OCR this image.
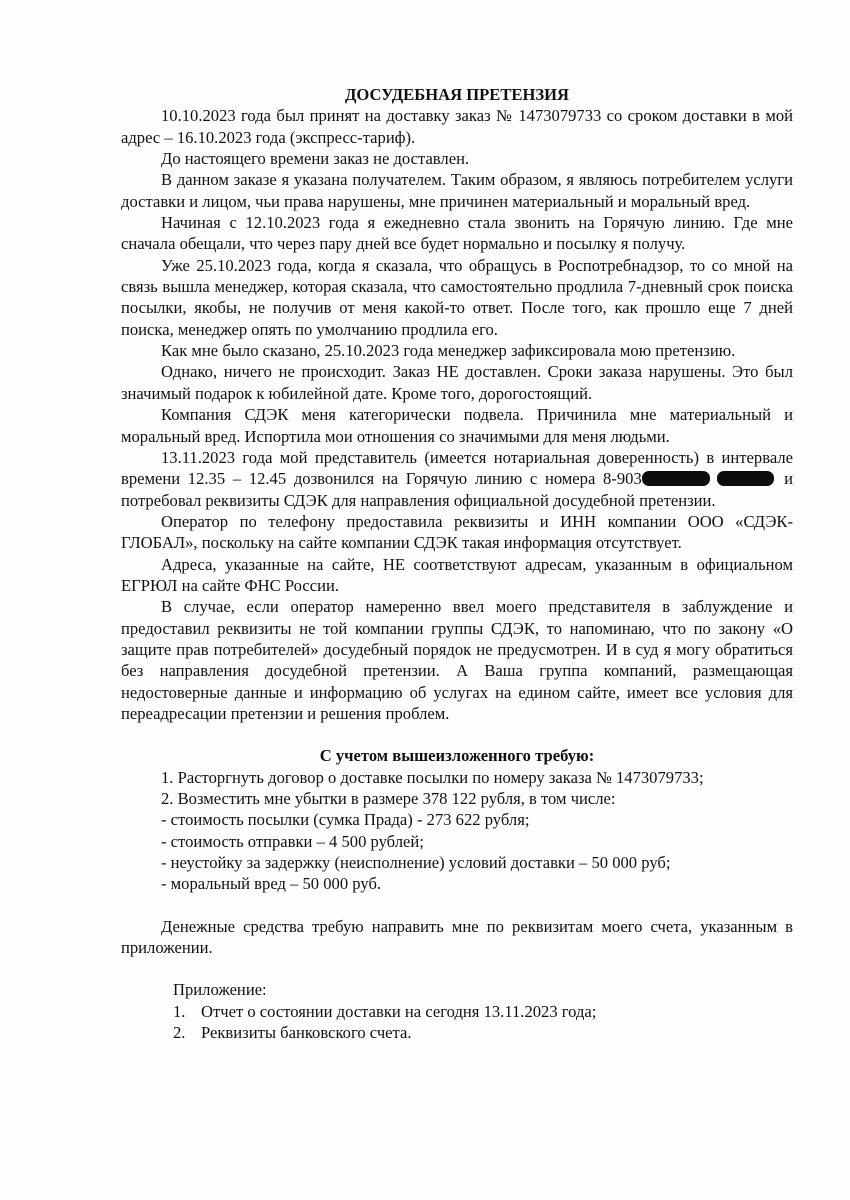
ДОСУДЕБНАЯ ПРЕТЕНЗИЯ

10.10.2023 года был принят на доставку заказ № 1473079733 со сроком доставки в мой адрес – 16.10.2023 года (экспресс-тариф).

До настоящего времени заказ не доставлен.

В данном заказе я указана получателем. Таким образом, я являюсь потребителем услуги доставки и лицом, чьи права нарушены, мне причинен материальный и моральный вред.

Начиная с 12.10.2023 года я ежедневно стала звонить на Горячую линию. Где мне сначала обещали, что через пару дней все будет нормально и посылку я получу.

Уже 25.10.2023 года, когда я сказала, что обращусь в Роспотребнадзор, то со мной на связь вышла менеджер, которая сказала, что самостоятельно продлила 7-дневный срок поиска посылки, якобы, не получив от меня какой-то ответ. После того, как прошло еще 7 дней поиска, менеджер опять по умолчанию продлила его.

Как мне было сказано, 25.10.2023 года менеджер зафиксировала мою претензию.

Однако, ничего не происходит. Заказ НЕ доставлен. Сроки заказа нарушены. Это был значимый подарок к юбилейной дате. Кроме того, дорогостоящий.

Компания СДЭК меня категорически подвела. Причинила мне материальный и моральный вред. Испортила мои отношения со значимыми для меня людьми.

13.11.2023 года мой представитель (имеется нотариальная доверенность) в интервале времени 12.35 – 12.45 дозвонился на Горячую линию с номера 8-903	и потребовал реквизиты СДЭК для направления официальной досудебной претензии.

Оператор по телефону предоставила реквизиты и ИНН компании ООО «СДЭК-ГЛОБАЛ», поскольку на сайте компании СДЭК такая информация отсутствует.

Адреса, указанные на сайте, НЕ соответствуют адресам, указанным в официальном ЕГРЮЛ на сайте ФНС России.

В случае, если оператор намеренно ввел моего представителя в заблуждение и предоставил реквизиты не той компании группы СДЭК, то напоминаю, что по закону «О защите прав потребителей» досудебный порядок не предусмотрен. И в суд я могу обратиться без направления досудебной претензии. А Ваша группа компаний, размещающая недостоверные данные и информацию об услугах на едином сайте, имеет все условия для переадресации претензии и решения проблем.

С учетом вышеизложенного требую:

1. Расторгнуть договор о доставке посылки по номеру заказа № 1473079733;
2. Возместить мне убытки в размере 378 122 рубля, в том числе:
- стоимость посылки (сумка Прада) - 273 622 рубля;
- стоимость отправки – 4 500 рублей;
- неустойку за задержку (неисполнение) условий доставки – 50 000 руб;
- моральный вред – 50 000 руб.

Денежные средства требую направить мне по реквизитам моего счета, указанным в приложении.

Приложение:

1. Отчет о состоянии доставки на сегодня 13.11.2023 года;
2. Реквизиты банковского счета.
